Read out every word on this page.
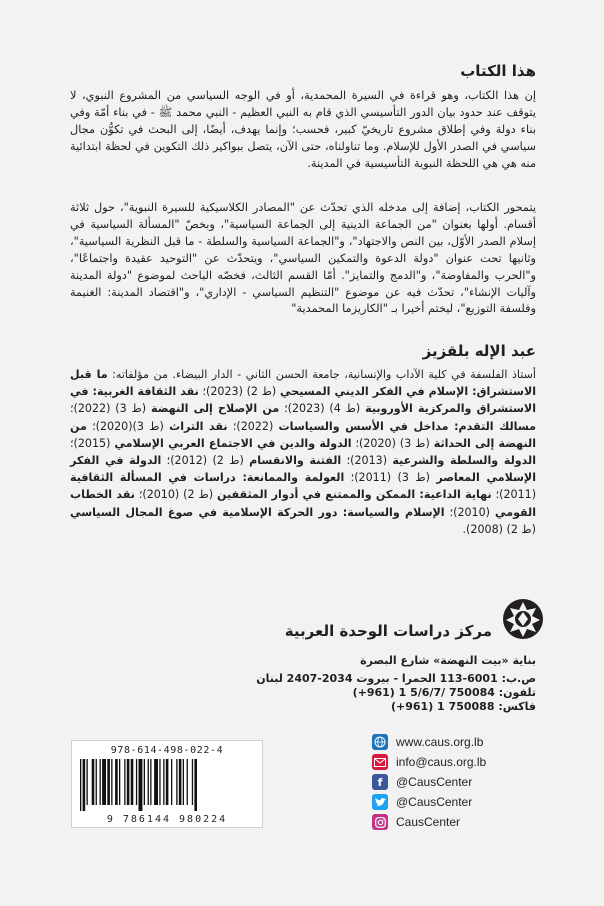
هذا الكتاب

إن هذا الكتاب، وهو قراءة في السيرة المحمدية، أو في الوجه السياسي من المشروع النبوي، لا يتوقف عند حدود بيان الدور التأسيسي الذي قام به النبي العظيم - النبي محمد ﷺ - في بناء أمّة وفي بناء دولة وفي إطلاق مشروع تاريخيّ كبير، فحسب؛ وإنما يهدف، أيضًا، إلى البحث في تكوُّن مجال سياسي في الصدر الأول للإسلام. وما تناولناه، حتى الآن، يتصل ببواكير ذلك التكوين في لحظة ابتدائية منه هي هي اللحظة النبوية التأسيسية في المدينة.

يتمحور الكتاب، إضافة إلى مدخله الذي تحدّث عن "المصادر الكلاسيكية للسيرة النبوية"، حول ثلاثة أقسام. أولها بعنوان "من الجماعة الدينية إلى الجماعة السياسية"، وبخصّ "المسألة السياسية في إسلام الصدر الأوّل، بين النص والاجتهاد"، و"الجماعة السياسية والسلطة - ما قبل النظرية السياسية"، وثانيها تحت عنوان "دولة الدعوة والتمكين السياسي"، ويتحدّث عن "التوحيد عقيدة واجتماعًا"، و"الحرب والمفاوضة"، و"الدمج والتمايز". أمّا القسم الثالث، فخصّه الباحث لموضوع "دولة المدينة وآليات الإنشاء"، تحدّث فيه عن موضوع "التنظيم السياسي - الإداري"، و"اقتصاد المدينة: الغنيمة وفلسفة التوزيع"، ليختم أخيرا بـ "الكاريزما المحمدية"

عبد الإله بلقزيز

أستاذ الفلسفة في كلية الآداب والإنسانية، جامعة الحسن الثاني - الدار البيضاء. من مؤلفاته: ما قبل الاستشراق: الإسلام في الفكر الديني المسيحي (ط 2) (2023)؛ نقد الثقافة الغربية: في الاستشراق والمركزية الأوروبية (ط 4) (2023)؛ من الإصلاح إلى النهضة (ط 3) (2022)؛ مسالك التقدم: مداخل في الأسس والسياسات (2022)؛ نقد التراث (ط 3)(2020)؛ من النهضة إلى الحداثة (ط 3) (2020)؛ الدولة والدين في الاجتماع العربي الإسلامي (2015)؛ الدولة والسلطة والشرعية (2013)؛ الفتنة والانقسام (ط 2) (2012)؛ الدولة في الفكر الإسلامي المعاصر (ط 3) (2011)؛ العولمة والممانعة: دراسات في المسألة الثقافية (2011)؛ نهاية الداعية: الممكن والممتنع في أدوار المثقفين (ط 2) (2010)؛ نقد الخطاب القومي (2010)؛ الإسلام والسياسة: دور الحركة الإسلامية في صوغ المجال السياسي (ط 2) (2008).

مركز دراسات الوحدة العربية
بناية «بيت النهضة» شارع البصرة
ص.ب: 6001-113 الحمرا - بيروت 2034-2407 لبنان
تلفون: 750084 /5/6/7 1 (961+)
فاكس: 750088 1 (961+)
978-614-498-022-4
9 786144 980224
www.caus.org.lb
info@caus.org.lb
f	@CausCenter
@CausCenter
CausCenter
